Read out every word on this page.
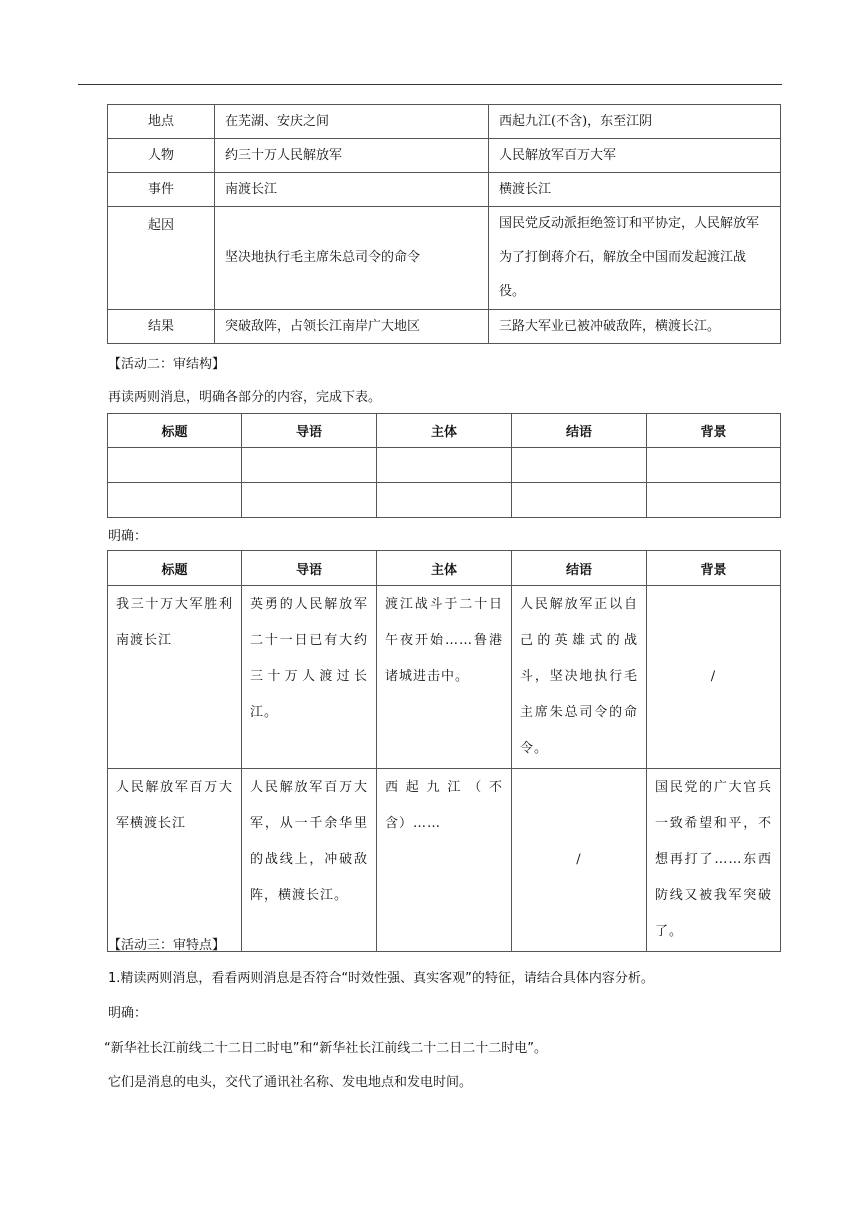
地点	在芜湖、安庆之间	西起九江(不含)，东至江阴
人物	约三十万人民解放军	人民解放军百万大军
事件	南渡长江	横渡长江
起因	坚决地执行毛主席朱总司令的命令	国民党反动派拒绝签订和平协定，人民解放军为了打倒蒋介石，解放全中国而发起渡江战役。
结果	突破敌阵，占领长江南岸广大地区	三路大军业已被冲破敌阵，横渡长江。
【活动二：审结构】
再读两则消息，明确各部分的内容，完成下表。
标题	导语	主体	结语	背景

明确：
标题	导语	主体	结语	背景
我三十万大军胜利南渡长江	英勇的人民解放军二十一日已有大约三十万人渡过长江。	渡江战斗于二十日午夜开始……鲁港诸城进击中。	人民解放军正以自己的英雄式的战斗，坚决地执行毛主席朱总司令的命令。	/
人民解放军百万大军横渡长江	人民解放军百万大军，从一千余华里的战线上，冲破敌阵，横渡长江。	西起九江（不含）……	/	国民党的广大官兵一致希望和平，不想再打了……东西防线又被我军突破了。
【活动三：审特点】
1.精读两则消息，看看两则消息是否符合“时效性强、真实客观”的特征，请结合具体内容分析。
明确：
“新华社长江前线二十二日二时电”和“新华社长江前线二十二日二十二时电”。
它们是消息的电头，交代了通讯社名称、发电地点和发电时间。
